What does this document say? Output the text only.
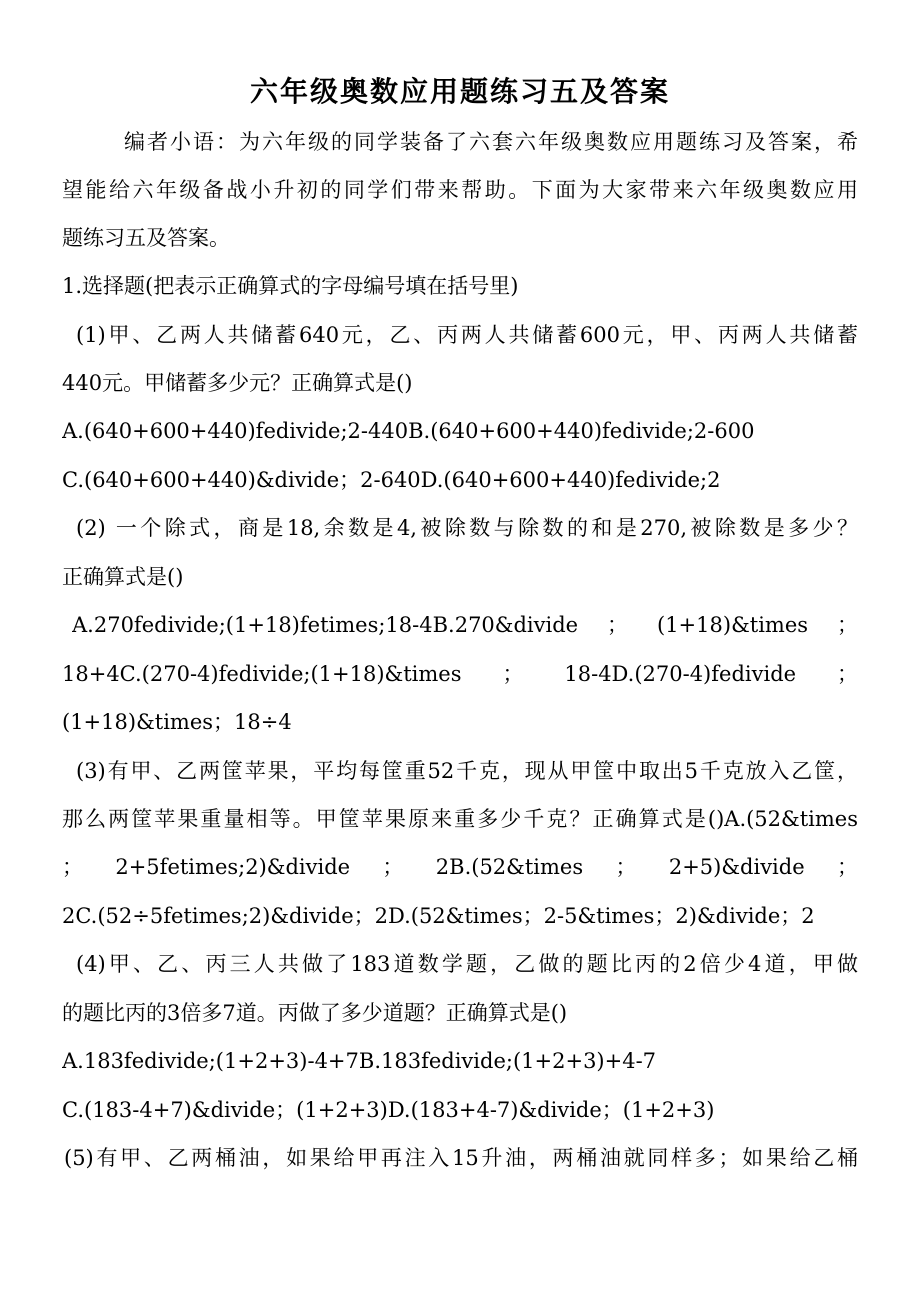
六年级奥数应用题练习五及答案
编者小语：为六年级的同学装备了六套六年级奥数应用题练习及答案，希
望能给六年级备战小升初的同学们带来帮助。下面为大家带来六年级奥数应用
题练习五及答案。
1.选择题(把表示正确算式的字母编号填在括号里)
(1)甲、乙两人共储蓄640元，乙、丙两人共储蓄600元，甲、丙两人共储蓄
440元。甲储蓄多少元？正确算式是()
A.(640+600+440)fedivide;2-440B.(640+600+440)fedivide;2-600
C.(640+600+440)&divide；2-640D.(640+600+440)fedivide;2
(2) 一个除式，商是18,余数是4,被除数与除数的和是270,被除数是多少？
正确算式是()
A.270fedivide;(1+18)fetimes;18-4B.270&divide ； (1+18)&times ；
18+4C.(270-4)fedivide;(1+18)&times ； 18-4D.(270-4)fedivide ；
(1+18)&times；18÷4
(3)有甲、乙两筐苹果，平均每筐重52千克，现从甲筐中取出5千克放入乙筐，
那么两筐苹果重量相等。甲筐苹果原来重多少千克？正确算式是()A.(52&times
； 2+5fetimes;2)&divide ； 2B.(52&times ； 2+5)&divide ；
2C.(52÷5fetimes;2)&divide；2D.(52&times；2-5&times；2)&divide；2
(4)甲、乙、丙三人共做了183道数学题，乙做的题比丙的2倍少4道，甲做
的题比丙的3倍多7道。丙做了多少道题？正确算式是()
A.183fedivide;(1+2+3)-4+7B.183fedivide;(1+2+3)+4-7
C.(183-4+7)&divide；(1+2+3)D.(183+4-7)&divide；(1+2+3)
(5)有甲、乙两桶油，如果给甲再注入15升油，两桶油就同样多；如果给乙桶
